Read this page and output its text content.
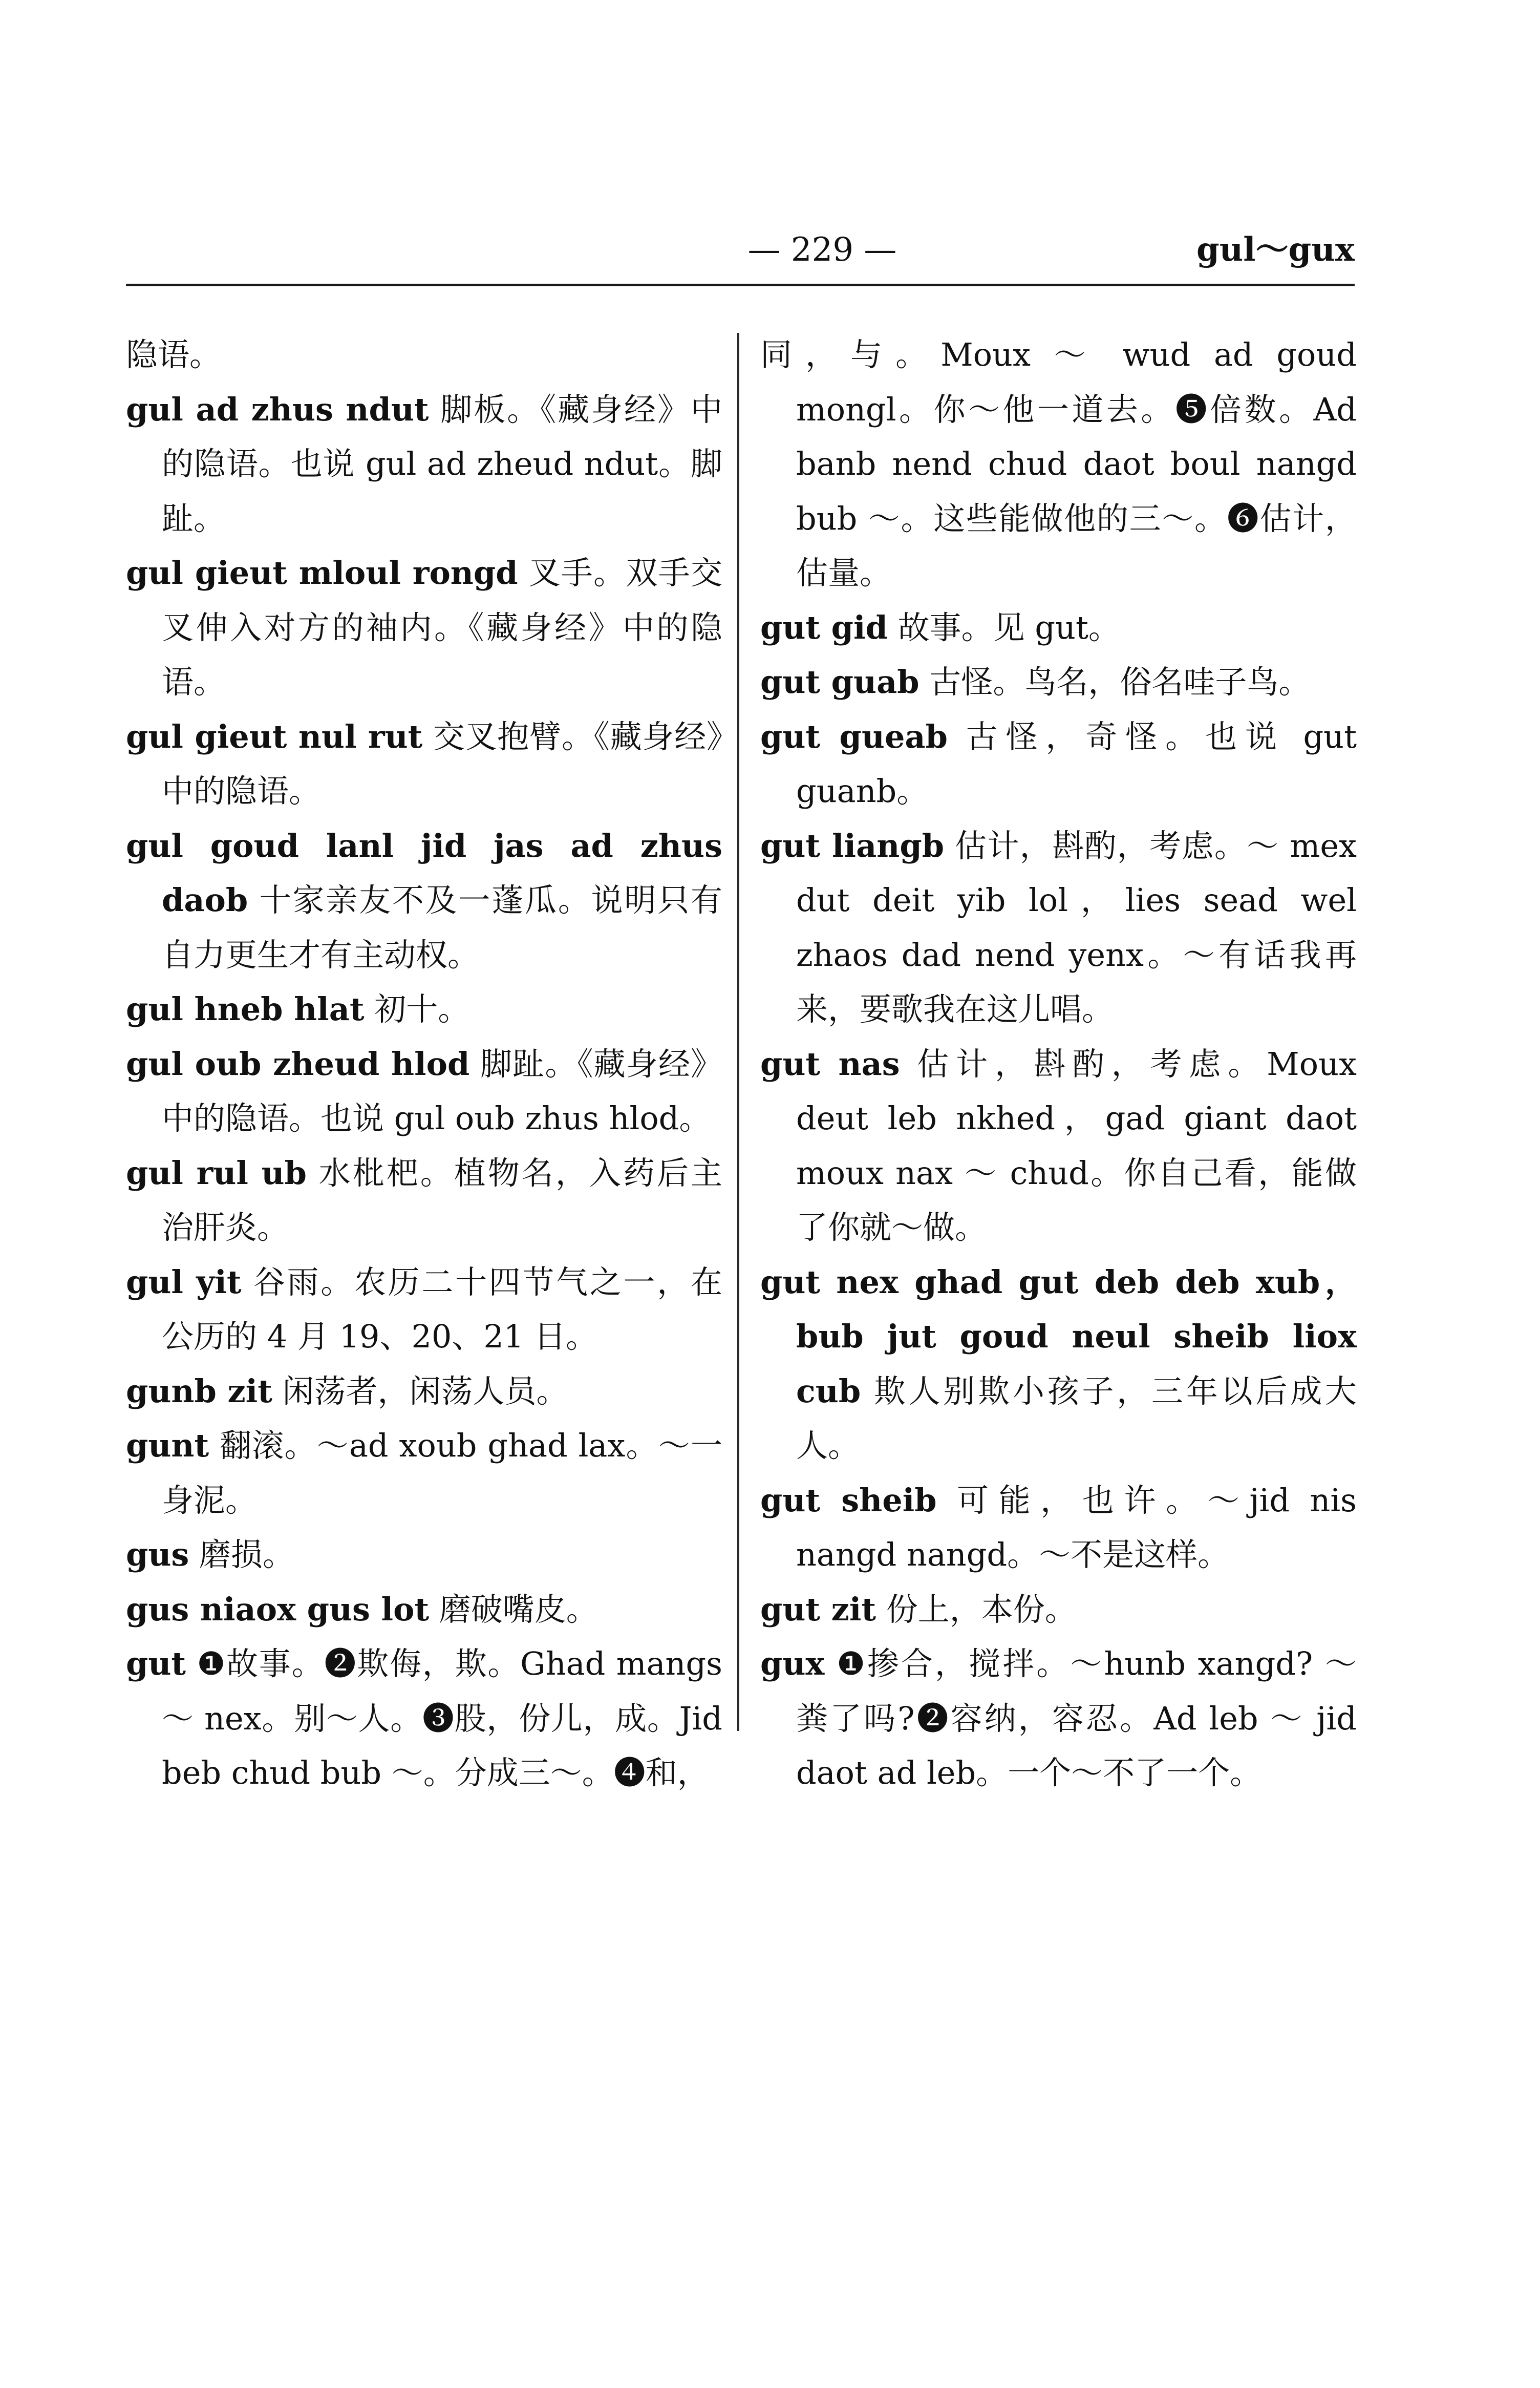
— 229 —	gul～gux
隐语。
gul ad zhus ndut 脚板。《藏身经》中的隐语。也说 gul ad zheud ndut。脚趾。
gul gieut mloul rongd 叉手。双手交叉伸入对方的袖内。《藏身经》中的隐语。
gul gieut nul rut 交叉抱臂。《藏身经》中的隐语。
gul goud lanl jid jas ad zhus daob 十家亲友不及一蓬瓜。说明只有自力更生才有主动权。
gul hneb hlat 初十。
gul oub zheud hlod 脚趾。《藏身经》中的隐语。也说 gul oub zhus hlod。
gul rul ub 水枇杷。植物名，入药后主治肝炎。
gul yit 谷雨。农历二十四节气之一，在公历的 4 月 19、20、21 日。
gunb zit 闲荡者，闲荡人员。
gunt 翻滚。～ad xoub ghad lax。～一身泥。
gus 磨损。
gus niaox gus lot 磨破嘴皮。
gut ❶故事。❷欺侮，欺。Ghad mangs ～ nex。别～人。❸股，份儿，成。Jid beb chud bub ～。分成三～。❹和，
同，与。Moux ～ wud ad goud mongl。你～他一道去。❺倍数。Ad banb nend chud daot boul nangd bub ～。这些能做他的三～。❻估计，估量。
gut gid 故事。见 gut。
gut guab 古怪。鸟名，俗名哇子鸟。
gut gueab 古怪，奇怪。也说 gut guanb。
gut liangb 估计，斟酌，考虑。～ mex dut deit yib lol，lies sead wel zhaos dad nend yenx。～有话我再来，要歌我在这儿唱。
gut nas 估计，斟酌，考虑。Moux deut leb nkhed，gad giant daot moux nax ～ chud。你自己看，能做了你就～做。
gut nex ghad gut deb deb xub，bub jut goud neul sheib liox cub 欺人别欺小孩子，三年以后成大人。
gut sheib 可能，也许。～jid nis nangd nangd。～不是这样。
gut zit 份上，本份。
gux ❶掺合，搅拌。～hunb xangd? ～粪了吗?❷容纳，容忍。Ad leb ～ jid daot ad leb。一个～不了一个。
